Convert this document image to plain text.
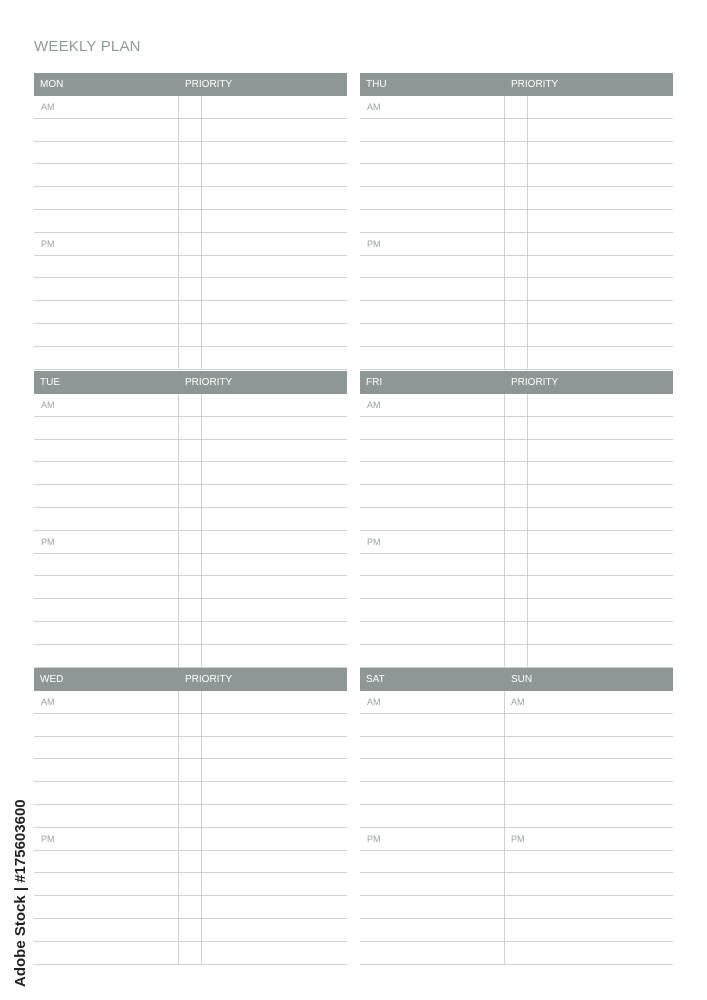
WEEKLY PLAN
MON	PRIORITY
AM
PM
THU	PRIORITY
AM
PM
TUE	PRIORITY
AM
PM
FRI	PRIORITY
AM
PM
WED	PRIORITY
AM
PM
SAT	SUN
AM	AM
PM	PM
Adobe Stock | #175603600
